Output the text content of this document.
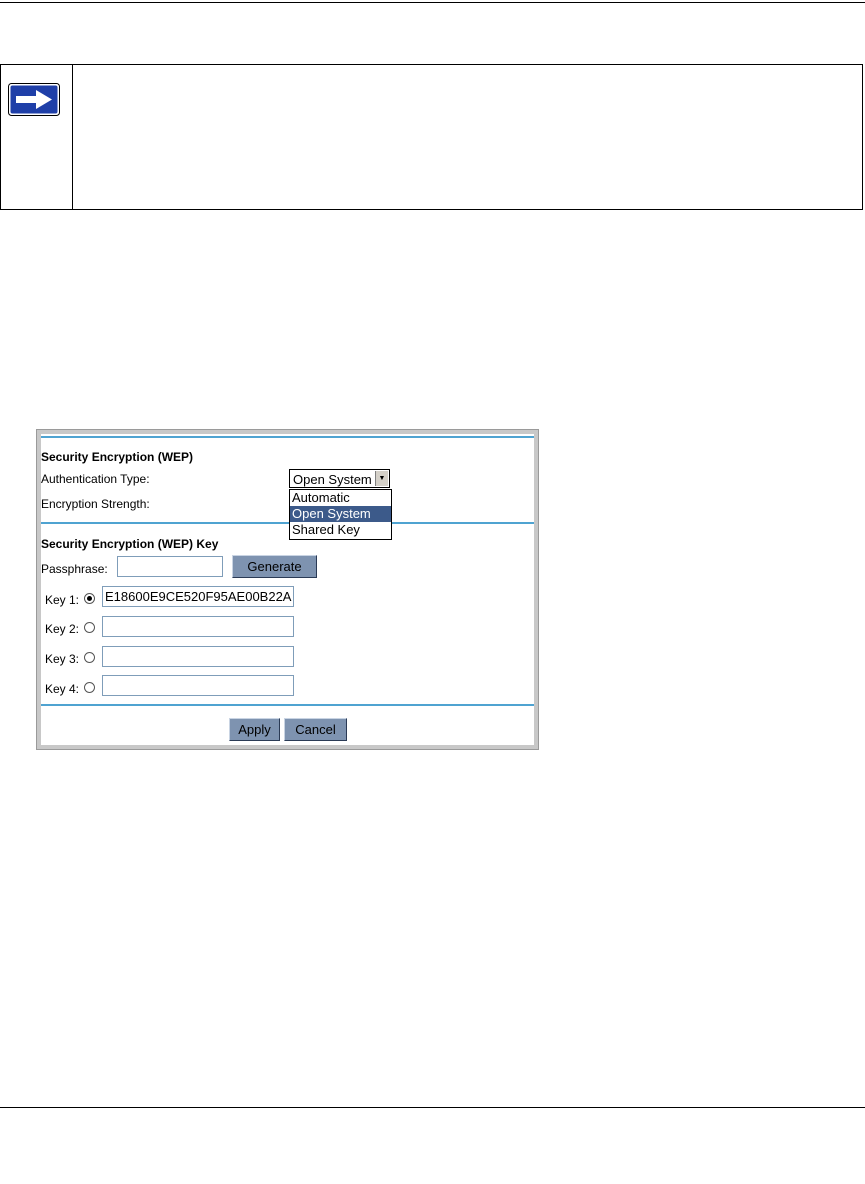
Security Encryption (WEP)
Authentication Type:	Open System ▼
Automatic
Open System
Shared Key
Encryption Strength:
Security Encryption (WEP) Key
Passphrase:	Generate
Key 1: E18600E9CE520F95AE00B22A
Key 2:
Key 3:
Key 4:
Apply	Cancel
